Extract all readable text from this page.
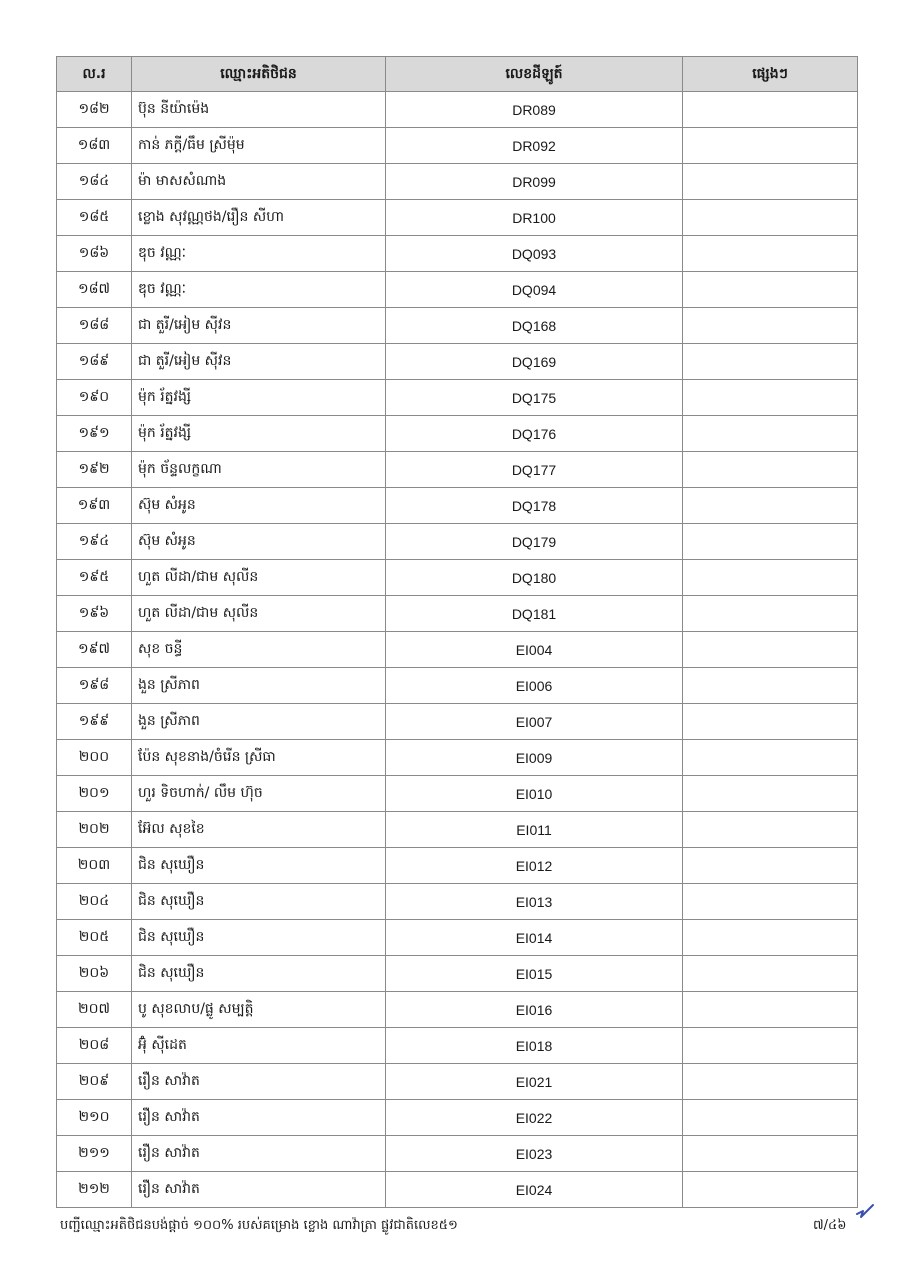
ល.រ	ឈ្មោះអតិថិជន	លេខដីឡូត៍	ផ្សេងៗ
១៨២	ប៊ុន នីយ៉ាម៉េង	DR089	
១៨៣	កាន់ ភក្ដី/ធឹម ស្រីម៉ុម	DR092	
១៨៤	ម៉ា មាសសំណាង	DR099	
១៨៥	ខ្លោង សុវណ្ណថង/រឿន សីហា	DR100	
១៨៦	ឌុច វណ្ណៈ	DQ093	
១៨៧	ឌុច វណ្ណៈ	DQ094	
១៨៨	ជា តួរី/អៀម ស៊ីវន	DQ168	
១៨៩	ជា តួរី/អៀម ស៊ីវន	DQ169	
១៩០	ម៉ុក រ័ត្នវង្សី	DQ175	
១៩១	ម៉ុក រ័ត្នវង្សី	DQ176	
១៩២	ម៉ុក ច័ន្ទលក្ខណា	DQ177	
១៩៣	ស៊ុម សំអូន	DQ178	
១៩៤	ស៊ុម សំអូន	DQ179	
១៩៥	ហួត លីដា/ជាម សុលីន	DQ180	
១៩៦	ហួត លីដា/ជាម សុលីន	DQ181	
១៩៧	សុខ ចន្ធី	EI004	
១៩៨	ងួន ស្រីភាព	EI006	
១៩៩	ងួន ស្រីភាព	EI007	
២០០	ប៉ែន សុខនាង/ចំរើន ស្រីធា	EI009	
២០១	ហួរ ទិចហាក់/ លឹម ហ៊ុច	EI010	
២០២	អ៊ែល សុខខៃ	EI011	
២០៣	ជិន សុឃឿន	EI012	
២០៤	ជិន សុឃឿន	EI013	
២០៥	ជិន សុឃឿន	EI014	
២០៦	ជិន សុឃឿន	EI015	
២០៧	បូ សុខលាប/ផ្លូ សម្បត្តិ	EI016	
២០៨	អ៊ុំ ស៊ីដេត	EI018	
២០៩	រឿន សាវ៉ាត	EI021	
២១០	រឿន សាវ៉ាត	EI022	
២១១	រឿន សាវ៉ាត	EI023	
២១២	រឿន សាវ៉ាត	EI024	
បញ្ជីឈ្មោះអតិថិជនបង់ផ្តាច់ ១០០% របស់គម្រោង ខ្លោង ណាវ៉ាត្រា ផ្លូវជាតិលេខ៥១	៧/៤៦
